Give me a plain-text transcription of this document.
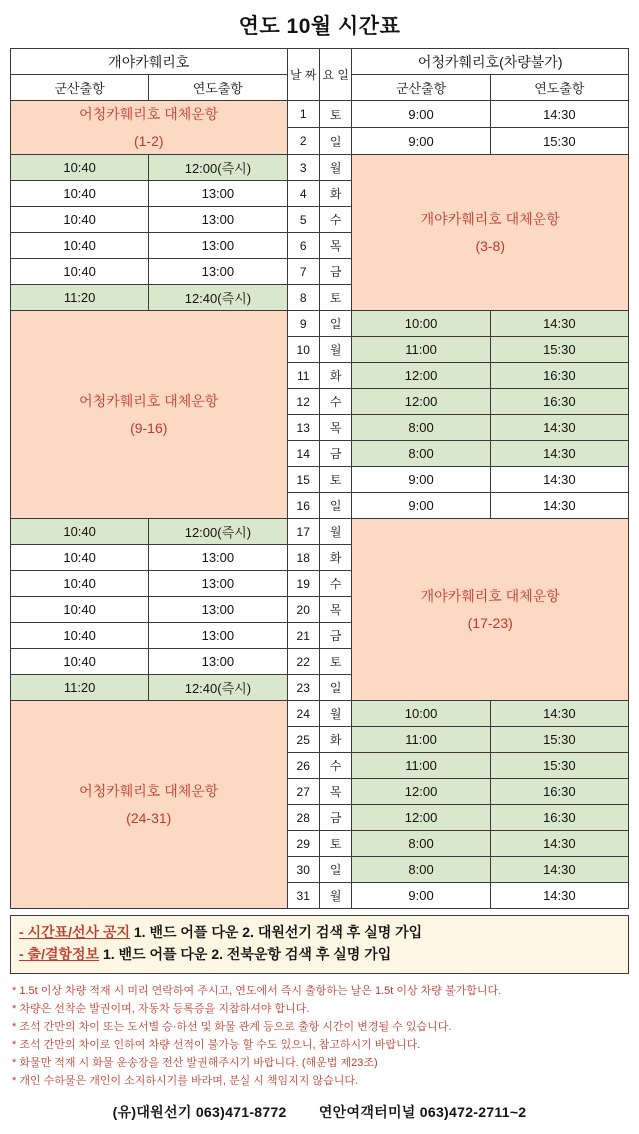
연도 10월 시간표
개야카훼리호		날 짜	요 일	어청카훼리호(차량불가)	
군산출항	연도출항			군산출항	연도출항

어청카훼리호 대체운항
(1-2)		1	토	9:00	14:30
		2	일	9:00	15:30
10:40	12:00(즉시)	3	월	개야카훼리호 대체운항
(3-8)	

10:40	13:00	4	화		
10:40	13:00	5	수		
10:40	13:00	6	목		
10:40	13:00	7	금		
11:20	12:40(즉시)	8	토		

어청카훼리호 대체운항
(9-16)		9	일	10:00	14:30
		10	월	11:00	15:30
		11	화	12:00	16:30
		12	수	12:00	16:30
		13	목	8:00	14:30
		14	금	8:00	14:30
		15	토	9:00	14:30
		16	일	9:00	14:30
10:40	12:00(즉시)	17	월	개야카훼리호 대체운항
(17-23)	

10:40	13:00	18	화		
10:40	13:00	19	수		
10:40	13:00	20	목		
10:40	13:00	21	금		
10:40	13:00	22	토		
11:20	12:40(즉시)	23	일		

어청카훼리호 대체운항
(24-31)		24	월	10:00	14:30
		25	화	11:00	15:30
		26	수	11:00	15:30
		27	목	12:00	16:30
		28	금	12:00	16:30
		29	토	8:00	14:30
		30	일	8:00	14:30
		31	월	9:00	14:30
- 시간표/선사 공지 1. 밴드 어플 다운 2. 대원선기 검색 후 실명 가입
- 출/결항정보 1. 밴드 어플 다운 2. 전북운항 검색 후 실명 가입
* 1.5t 이상 차량 적재 시 미리 연락하여 주시고, 연도에서 즉시 출항하는 날은 1.5t 이상 차량 불가합니다.
* 차량은 선착순 발권이며, 자동차 등록증을 지참하셔야 합니다.
* 조석 간만의 차이 또는 도서별 승·하선 및 화물 관계 등으로 출항 시간이 변경될 수 있습니다.
* 조석 간만의 차이로 인하여 차량 선적이 불가능 할 수도 있으니, 참고하시기 바랍니다.
* 화물만 적재 시 화물 운송장을 전산 발권해주시기 바랍니다. (해운법 제23조)
* 개인 수하물은 개인이 소지하시기를 바라며, 분실 시 책임지지 않습니다.
(유)대원선기 063)471-8772 연안여객터미널 063)472-2711~2
